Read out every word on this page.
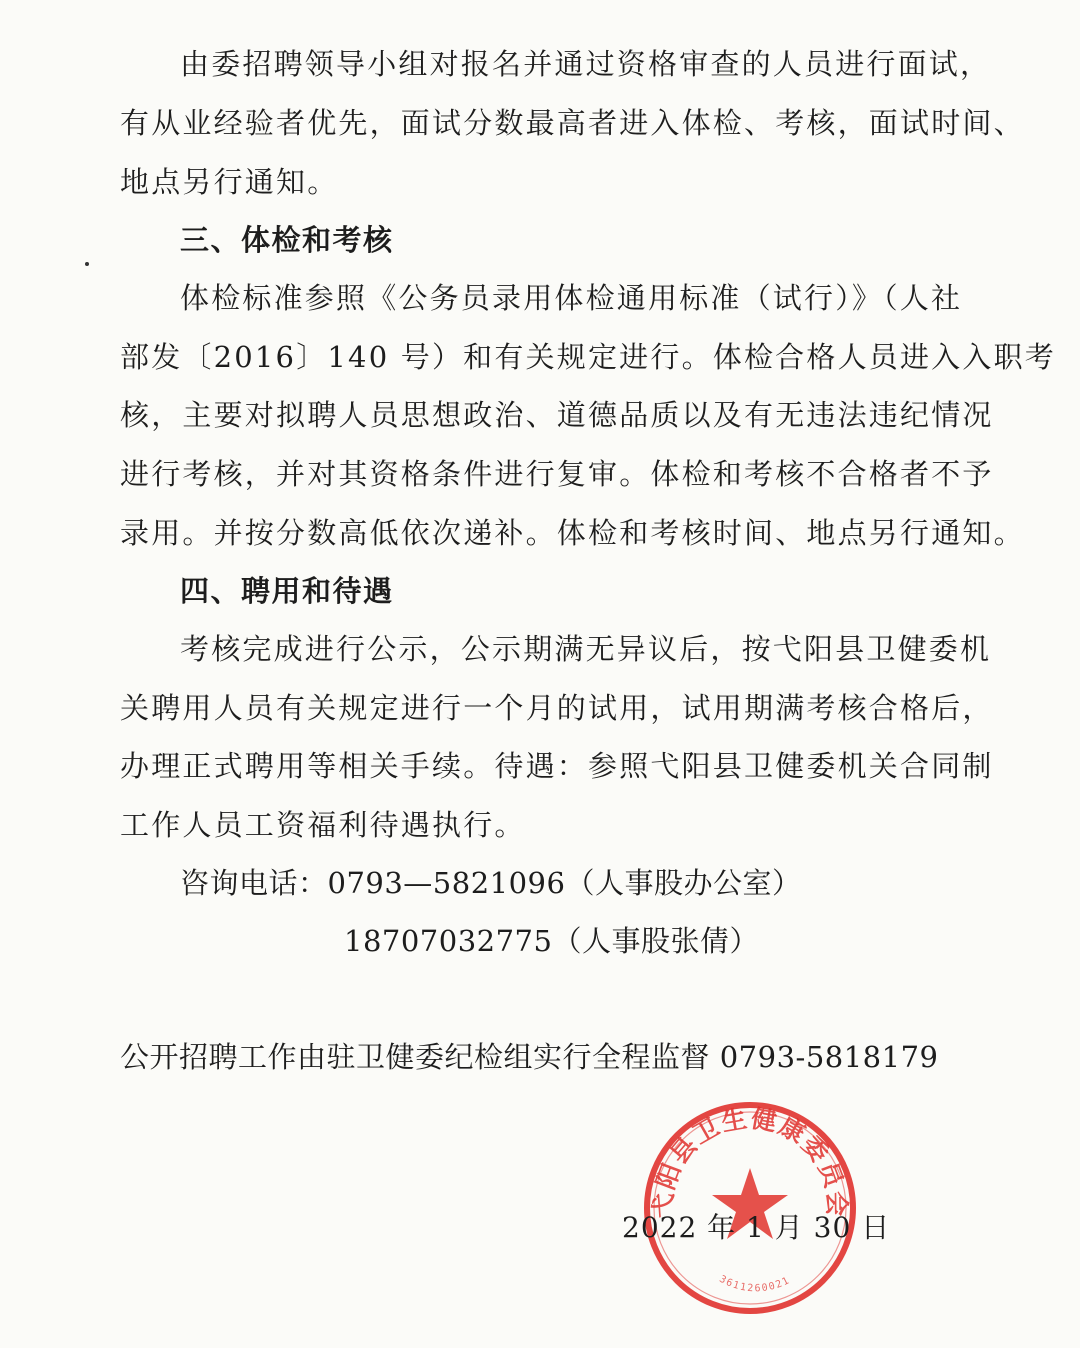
由委招聘领导小组对报名并通过资格审查的人员进行面试，
有从业经验者优先，面试分数最高者进入体检、考核，面试时间、
地点另行通知。
三、体检和考核
体检标准参照《公务员录用体检通用标准（试行）》（人社
部发〔2016〕140 号）和有关规定进行。体检合格人员进入入职考
核，主要对拟聘人员思想政治、道德品质以及有无违法违纪情况
进行考核，并对其资格条件进行复审。体检和考核不合格者不予
录用。并按分数高低依次递补。体检和考核时间、地点另行通知。
四、聘用和待遇
考核完成进行公示，公示期满无异议后，按弋阳县卫健委机
关聘用人员有关规定进行一个月的试用，试用期满考核合格后，
办理正式聘用等相关手续。待遇：参照弋阳县卫健委机关合同制
工作人员工资福利待遇执行。
咨询电话：0793—5821096（人事股办公室）
18707032775（人事股张倩）
公开招聘工作由驻卫健委纪检组实行全程监督 0793-5818179
弋阳县卫生健康委员会
3611260021
2022 年 1 月 30 日
